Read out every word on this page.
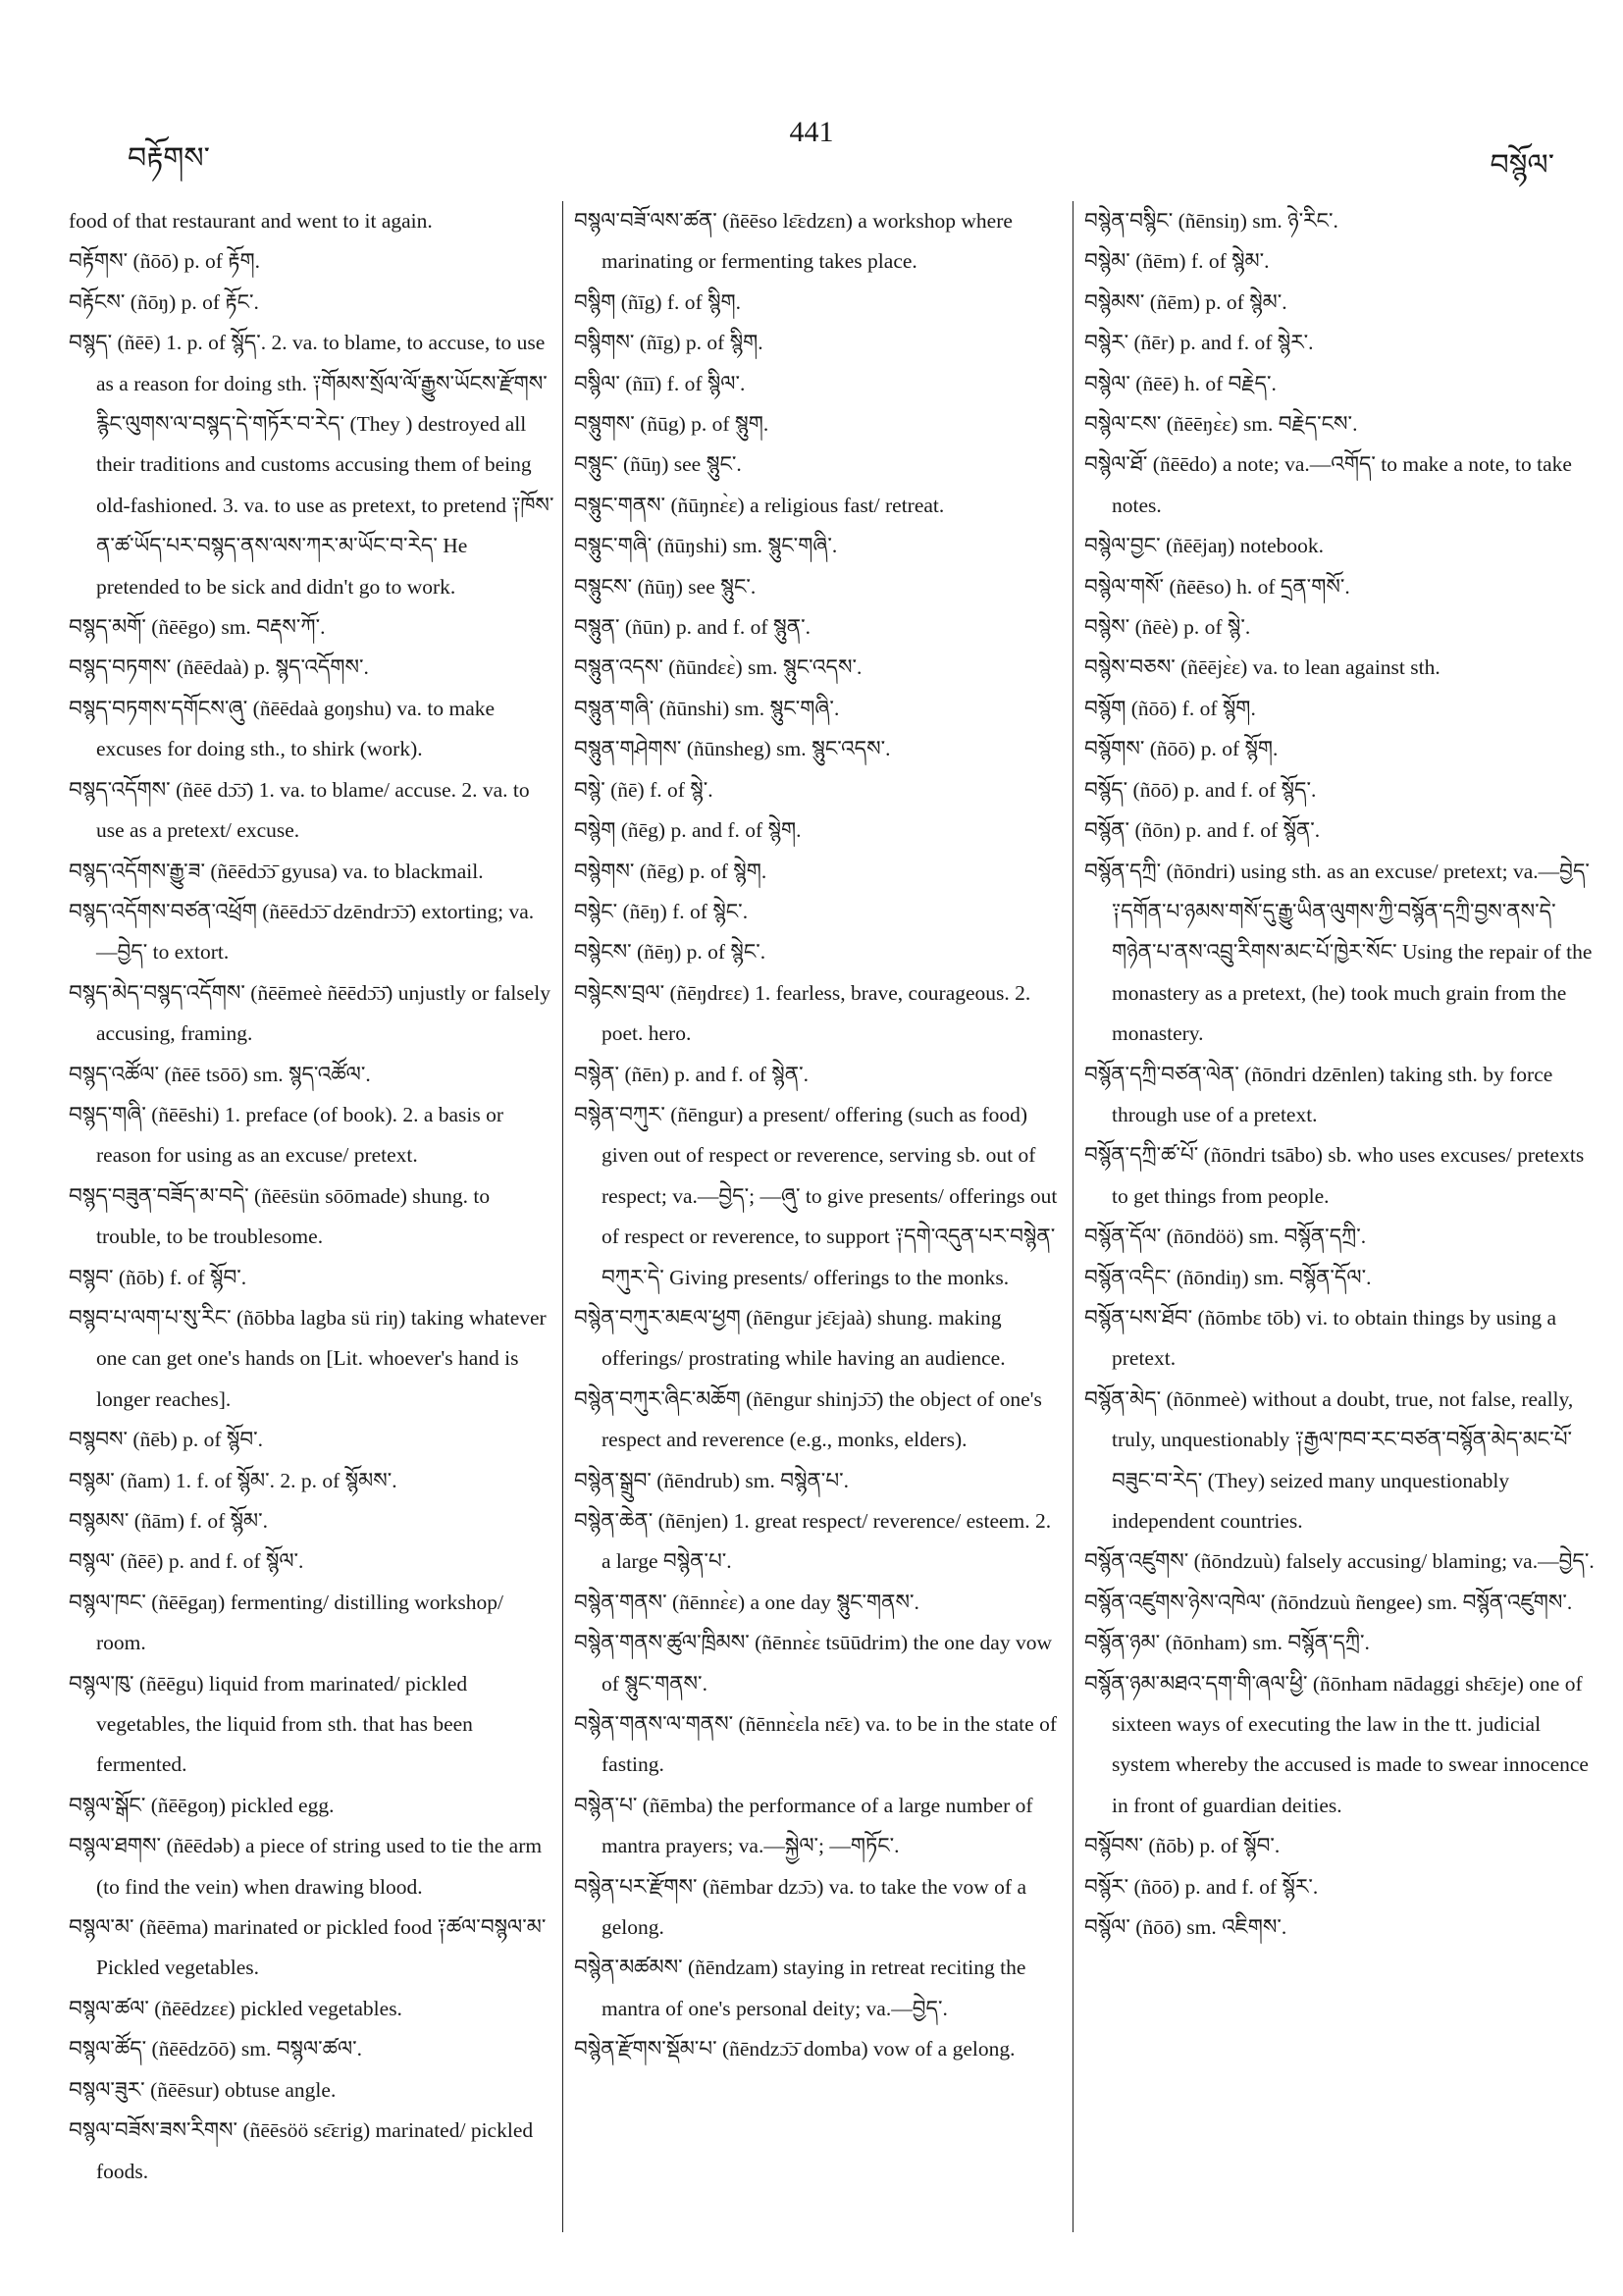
བརྟོགས་
441
བསྙོལ་

food of that restaurant and went to it again.

བརྟོགས་ (ñōō) p. of རྟོག.

བརྟོངས་ (ñōŋ) p. of རྟོང་.

བསྙད་ (ñēē) 1. p. of སྙོད་. 2. va. to blame, to accuse, to use as a reason for doing sth. ༑གོམས་སྲོལ་ལོ་རྒྱུས་ཡོངས་རྫོགས་རྙིང་ལུགས་ལ་བསྙད་དེ་གཏོར་བ་རེད་ (They ) destroyed all their traditions and customs accusing them of being old-fashioned. 3. va. to use as pretext, to pretend ༑ཁོས་ན་ཚ་ཡོད་པར་བསྙད་ནས་ལས་ཀར་མ་ཡོང་བ་རེད་ He pretended to be sick and didn't go to work.

བསྙད་མགོ་ (ñēēgo) sm. བརྡས་ཀོ་.

བསྙད་བཏགས་ (ñēēdaà) p. སྙད་འདོགས་.

བསྙད་བཏགས་དགོངས་ཞུ་ (ñēēdaà goŋshu) va. to make excuses for doing sth., to shirk (work).

བསྙད་འདོགས་ (ñēē dɔ̄ɔ̄) 1. va. to blame/ accuse. 2. va. to use as a pretext/ excuse.

བསྙད་འདོགས་རྒྱུ་ཟ་ (ñēēdɔ̄ɔ̄ gyusa) va. to blackmail.

བསྙད་འདོགས་བཙན་འཕྲོག (ñēēdɔ̄ɔ̄ dzēndrɔ̄ɔ̄) extorting; va.—བྱེད་ to extort.

བསྙད་མེད་བསྙད་འདོགས་ (ñēēmeè ñēēdɔ̄ɔ̄) unjustly or falsely accusing, framing.

བསྙད་འཚོལ་ (ñēē tsōō) sm. སྙད་འཚོལ་.

བསྙད་གཞི་ (ñēēshi) 1. preface (of book). 2. a basis or reason for using as an excuse/ pretext.

བསྙད་བཟུན་བཟོད་མ་བདེ་ (ñēēsün sōōmade) shung. to trouble, to be troublesome.

བསྙབ་ (ñōb) f. of སྙོབ་.

བསྙབ་པ་ལག་པ་སུ་རིང་ (ñōbba lagba sü riŋ) taking whatever one can get one's hands on [Lit. whoever's hand is longer reaches].

བསྙབས་ (ñēb) p. of སྙོབ་.

བསྙམ་ (ñam) 1. f. of སྙོམ་. 2. p. of སྙོམས་.

བསྙམས་ (ñām) f. of སྙོམ་.

བསྙལ་ (ñēē) p. and f. of སྙོལ་.

བསྙལ་ཁང་ (ñēēgaŋ) fermenting/ distilling workshop/ room.

བསྙལ་ཁུ་ (ñēēgu) liquid from marinated/ pickled vegetables, the liquid from sth. that has been fermented.

བསྙལ་སྒོང་ (ñēēgoŋ) pickled egg.

བསྙལ་ཐགས་ (ñēēdəb) a piece of string used to tie the arm (to find the vein) when drawing blood.

བསྙལ་མ་ (ñēēma) marinated or pickled food ༑ཚལ་བསྙལ་མ་ Pickled vegetables.

བསྙལ་ཚལ་ (ñēēdzɛɛ) pickled vegetables.

བསྙལ་ཚོད་ (ñēēdzōō) sm. བསྙལ་ཚལ་.

བསྙལ་ཟུར་ (ñēēsur) obtuse angle.

བསྙལ་བཟོས་ཟས་རིགས་ (ñēēsöö sɛ̄ɛrig) marinated/ pickled foods.

བསྙལ་བཟོ་ལས་ཚན་ (ñēēso lɛ̄ɛdzɛn) a workshop where marinating or fermenting takes place.

བསྙིག (ñīg) f. of སྙིག.

བསྙིགས་ (ñīg) p. of སྙིག.

བསྙིལ་ (ñīī) f. of སྙིལ་.

བསྙུགས་ (ñūg) p. of སྙུག.

བསྙུང་ (ñūŋ) see སྙུང་.

བསྙུང་གནས་ (ñūŋnɛ̀ɛ) a religious fast/ retreat.

བསྙུང་གཞི་ (ñūŋshi) sm. སྙུང་གཞི་.

བསྙུངས་ (ñūŋ) see སྙུང་.

བསྙུན་ (ñūn) p. and f. of སྙུན་.

བསྙུན་འདས་ (ñūndɛɛ̀) sm. སྙུང་འདས་.

བསྙུན་གཞི་ (ñūnshi) sm. སྙུང་གཞི་.

བསྙུན་གཤེགས་ (ñūnsheg) sm. སྙུང་འདས་.

བསྙེ་ (ñē) f. of སྙེ་.

བསྙེག (ñēg) p. and f. of སྙེག.

བསྙེགས་ (ñēg) p. of སྙེག.

བསྙེང་ (ñēŋ) f. of སྙེང་.

བསྙེངས་ (ñēŋ) p. of སྙེང་.

བསྙེངས་བྲལ་ (ñēŋdrɛɛ) 1. fearless, brave, courageous. 2. poet. hero.

བསྙེན་ (ñēn) p. and f. of སྙེན་.

བསྙེན་བཀུར་ (ñēngur) a present/ offering (such as food) given out of respect or reverence, serving sb. out of respect; va.—བྱེད་; —ཞུ་ to give presents/ offerings out of respect or reverence, to support ༑དགེ་འདུན་པར་བསྙེན་བཀུར་དེ་ Giving presents/ offerings to the monks.

བསྙེན་བཀུར་མཇལ་ཕྱག (ñēngur jɛ̄ɛjaà) shung. making offerings/ prostrating while having an audience.

བསྙེན་བཀུར་ཞིང་མཆོག (ñēngur shinjɔ̄ɔ̄) the object of one's respect and reverence (e.g., monks, elders).

བསྙེན་སྒྲུབ་ (ñēndrub) sm. བསྙེན་པ་.

བསྙེན་ཆེན་ (ñēnjen) 1. great respect/ reverence/ esteem. 2. a large བསྙེན་པ་.

བསྙེན་གནས་ (ñēnnɛ̀ɛ) a one day སྙུང་གནས་.

བསྙེན་གནས་ཚུལ་ཁྲིམས་ (ñēnnɛ̀ɛ tsūūdrim) the one day vow of སྙུང་གནས་.

བསྙེན་གནས་ལ་གནས་ (ñēnnɛ̀ɛla nɛ̄ɛ) va. to be in the state of fasting.

བསྙེན་པ་ (ñēmba) the performance of a large number of mantra prayers; va.—སྐྱེལ་; —གཏོང་.

བསྙེན་པར་རྫོགས་ (ñēmbar dzɔ̄ɔ) va. to take the vow of a gelong.

བསྙེན་མཚམས་ (ñēndzam) staying in retreat reciting the mantra of one's personal deity; va.—བྱེད་.

བསྙེན་རྫོགས་སྡོམ་པ་ (ñēndzɔ̄ɔ̄ domba) vow of a gelong.

བསྙེན་བསྙིང་ (ñēnsiŋ) sm. ཉེ་རིང་.

བསྙེམ་ (ñēm) f. of སྙེམ་.

བསྙེམས་ (ñēm) p. of སྙེམ་.

བསྙེར་ (ñēr) p. and f. of སྙེར་.

བསྙེལ་ (ñēē) h. of བརྗེད་.

བསྙེལ་ངས་ (ñēēŋɛ̀ɛ) sm. བརྗེད་ངས་.

བསྙེལ་ཐོ་ (ñēēdo) a note; va.—འགོད་ to make a note, to take notes.

བསྙེལ་བྱང་ (ñēējaŋ) notebook.

བསྙེལ་གསོ་ (ñēēso) h. of དྲན་གསོ་.

བསྙེས་ (ñēè) p. of སྙེ་.

བསྙེས་བཅས་ (ñēējɛ̀ɛ) va. to lean against sth.

བསྙོག (ñōō) f. of སྙོག.

བསྙོགས་ (ñōō) p. of སྙོག.

བསྙོད་ (ñōō) p. and f. of སྙོད་.

བསྙོན་ (ñōn) p. and f. of སྙོན་.

བསྙོན་དཀྲི་ (ñōndri) using sth. as an excuse/ pretext; va.—བྱེད་ ༑དགོན་པ་ཉམས་གསོ་དུ་རྒྱུ་ཡིན་ལུགས་ཀྱི་བསྙོན་དཀྲི་བྱས་ནས་དེ་གཉེན་པ་ནས་འབྲུ་རིགས་མང་པོ་ཁྱེར་སོང་ Using the repair of the monastery as a pretext, (he) took much grain from the monastery.

བསྙོན་དཀྲི་བཙན་ལེན་ (ñōndri dzēnlen) taking sth. by force through use of a pretext.

བསྙོན་དཀྲི་ཚ་པོ་ (ñōndri tsābo) sb. who uses excuses/ pretexts to get things from people.

བསྙོན་དོལ་ (ñōndöö) sm. བསྙོན་དཀྲི་.

བསྙོན་འདིང་ (ñōndiŋ) sm. བསྙོན་དོལ་.

བསྙོན་པས་ཐོབ་ (ñōmbɛ tōb) vi. to obtain things by using a pretext.

བསྙོན་མེད་ (ñōnmeè) without a doubt, true, not false, really, truly, unquestionably ༑རྒྱལ་ཁབ་རང་བཙན་བསྙོན་མེད་མང་པོ་བཟུང་བ་རེད་ (They) seized many unquestionably independent countries.

བསྙོན་འཛུགས་ (ñōndzuù) falsely accusing/ blaming; va.—བྱེད་.

བསྙོན་འཛུགས་ཉེས་འཁེལ་ (ñōndzuù ñengee) sm. བསྙོན་འཛུགས་.

བསྙོན་ཉམ་ (ñōnham) sm. བསྙོན་དཀྲི་.

བསྙོན་ཉམ་མཐའ་དག་གི་ཞལ་ཕྱི་ (ñōnham nādaggi shɛ̄ɛje) one of sixteen ways of executing the law in the tt. judicial system whereby the accused is made to swear innocence in front of guardian deities.

བསྙོབས་ (ñōb) p. of སྙོབ་.

བསྙོར་ (ñōō) p. and f. of སྙོར་.

བསྙོལ་ (ñōō) sm. འཇིགས་.
